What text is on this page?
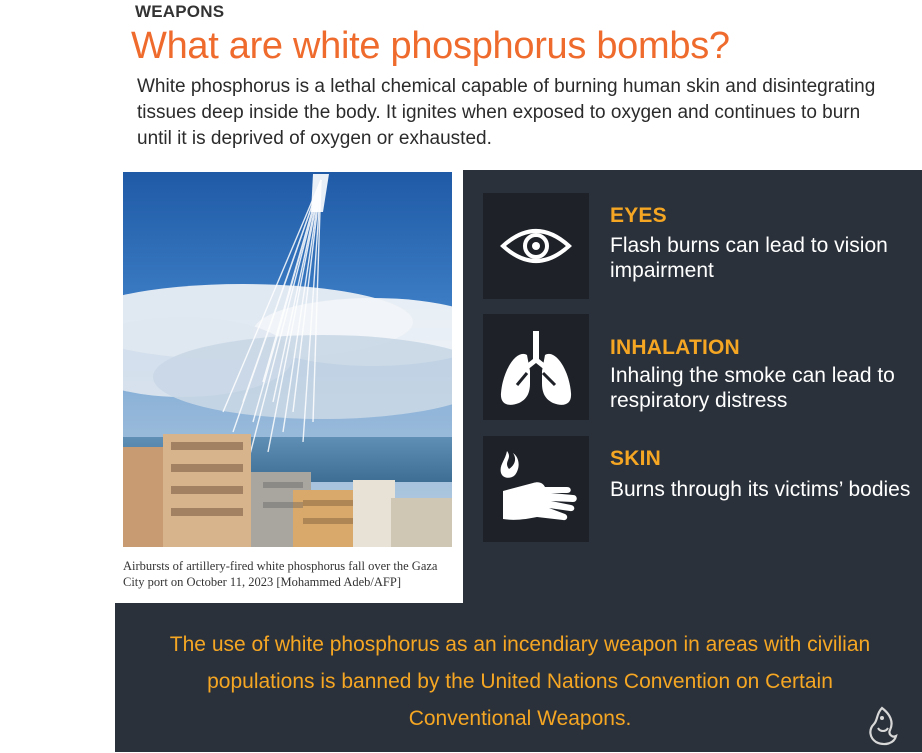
WEAPONS
What are white phosphorus bombs?
White phosphorus is a lethal chemical capable of burning human skin and disintegrating tissues deep inside the body. It ignites when exposed to oxygen and continues to burn until it is deprived of oxygen or exhausted.
Airbursts of artillery-fired white phosphorus fall over the Gaza City port on October 11, 2023 [Mohammed Adeb/AFP]
EYES
Flash burns can lead to vision impairment
INHALATION
Inhaling the smoke can lead to respiratory distress
SKIN
Burns through its victims’ bodies
The use of white phosphorus as an incendiary weapon in areas with civilian populations is banned by the United Nations Convention on Certain Conventional Weapons.
